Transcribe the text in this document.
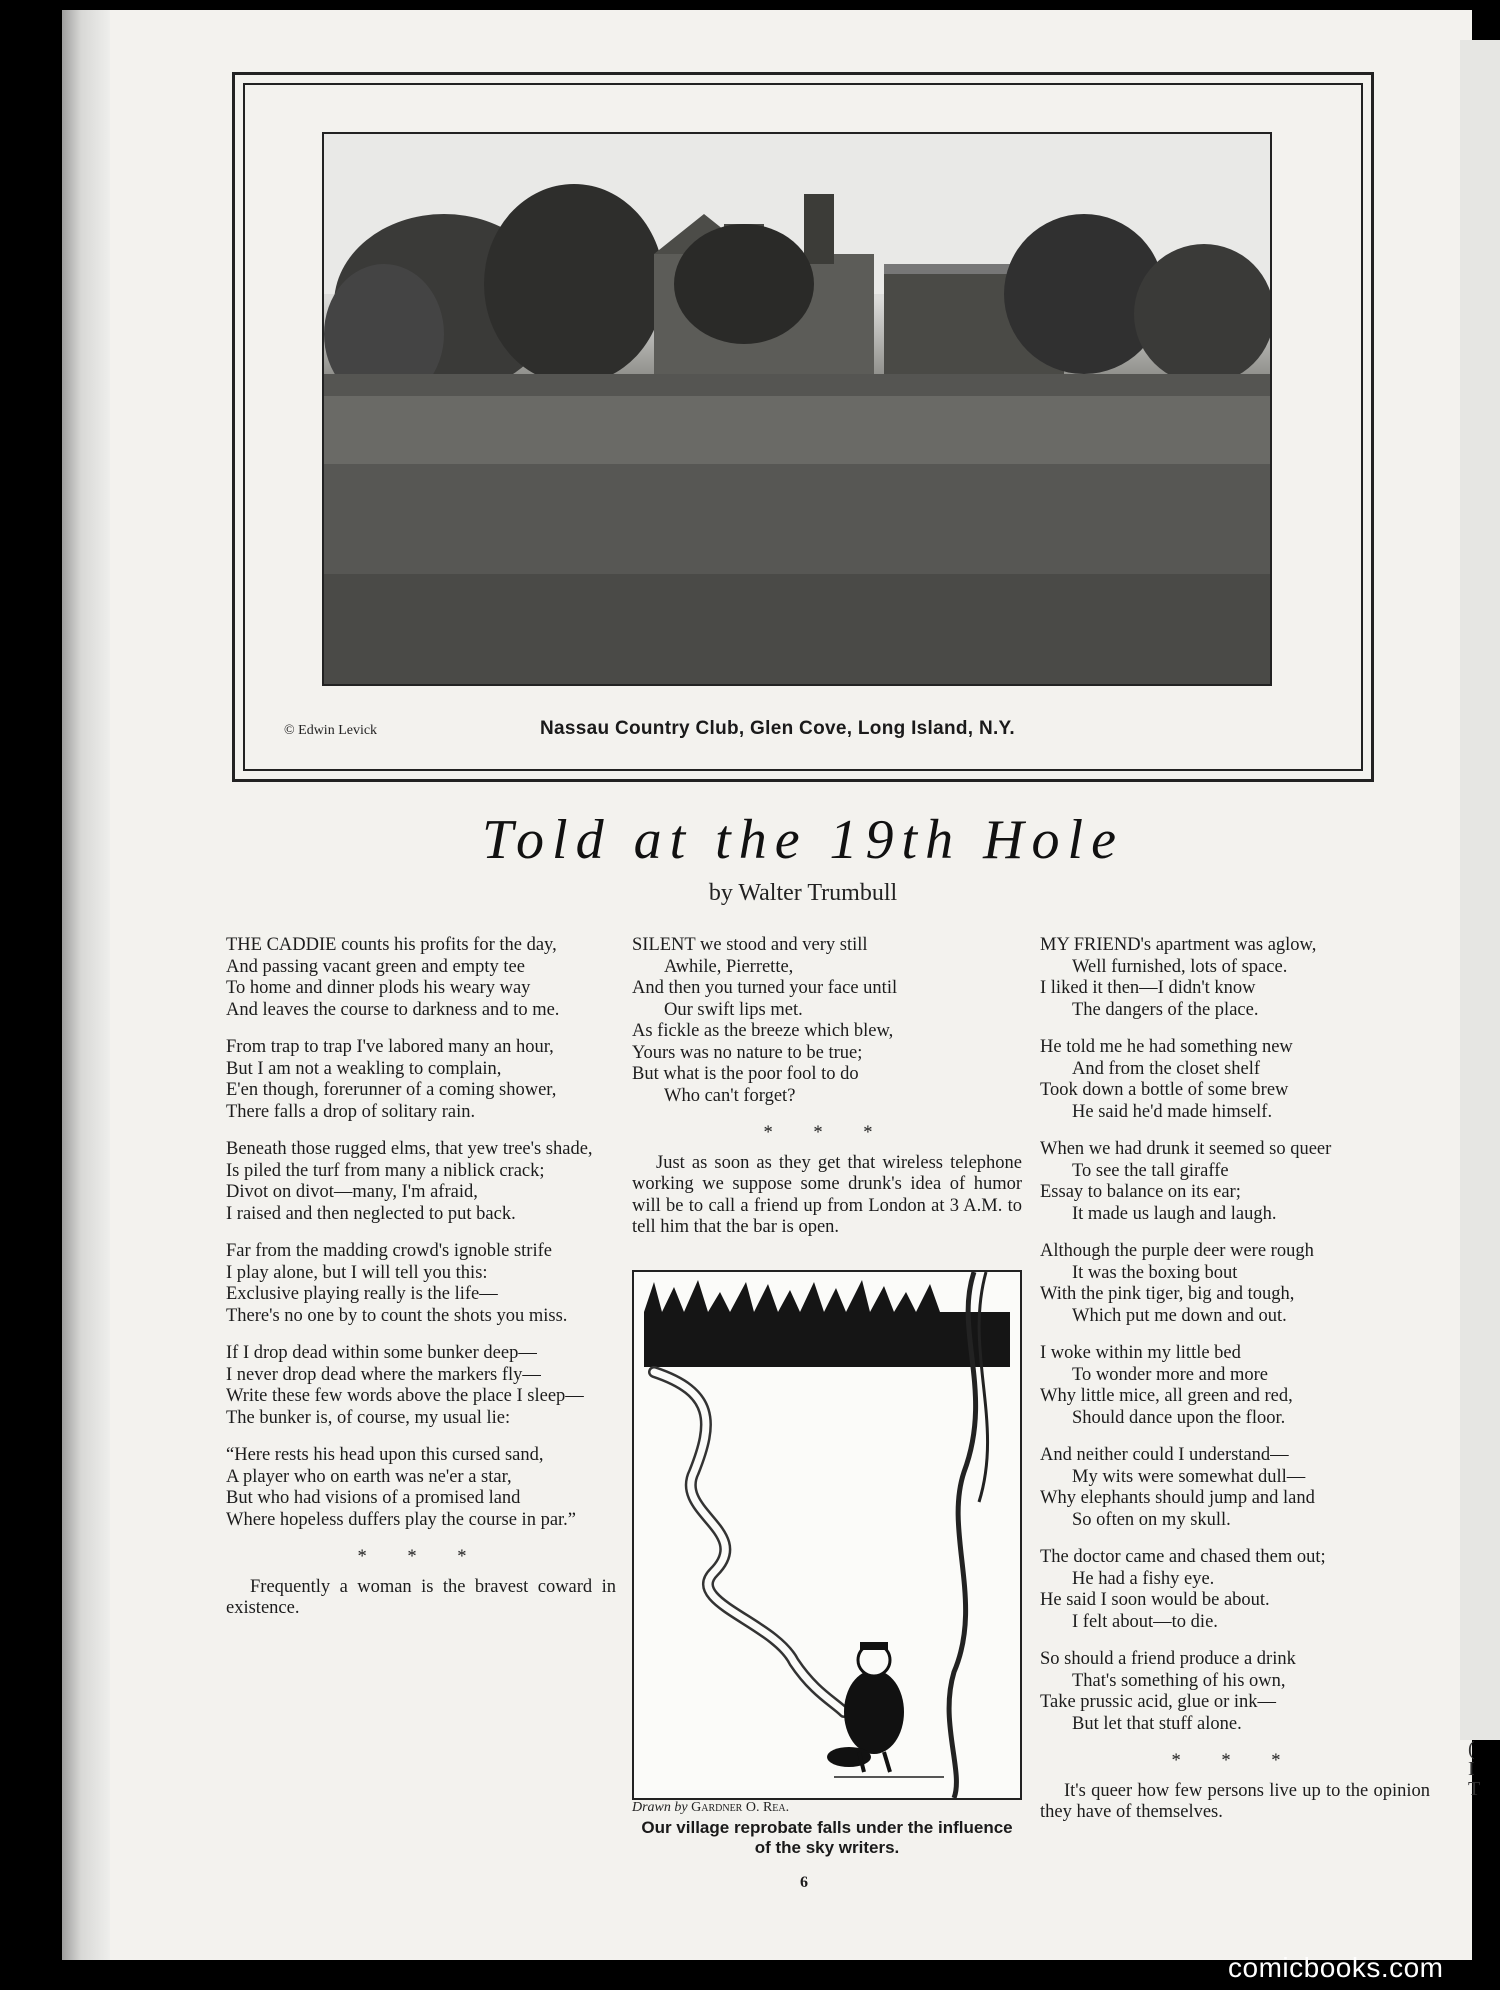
(
I
T
© Edwin Levick	Nassau Country Club, Glen Cove, Long Island, N.Y.
Told at the 19th Hole
by Walter Trumbull
THE CADDIE counts his profits for the day,
And passing vacant green and empty tee
To home and dinner plods his weary way
And leaves the course to darkness and to me.
From trap to trap I've labored many an hour,
But I am not a weakling to complain,
E'en though, forerunner of a coming shower,
There falls a drop of solitary rain.
Beneath those rugged elms, that yew tree's shade,
Is piled the turf from many a niblick crack;
Divot on divot—many, I'm afraid,
I raised and then neglected to put back.
Far from the madding crowd's ignoble strife
I play alone, but I will tell you this:
Exclusive playing really is the life—
There's no one by to count the shots you miss.
If I drop dead within some bunker deep—
I never drop dead where the markers fly—
Write these few words above the place I sleep—
The bunker is, of course, my usual lie:
“Here rests his head upon this cursed sand,
A player who on earth was ne'er a star,
But who had visions of a promised land
Where hopeless duffers play the course in par.”
* * *

Frequently a woman is the bravest coward in existence.

SILENT we stood and very still
Awhile, Pierrette,
And then you turned your face until
Our swift lips met.
As fickle as the breeze which blew,
Yours was no nature to be true;
But what is the poor fool to do
Who can't forget?
* * *

Just as soon as they get that wireless telephone working we suppose some drunk's idea of humor will be to call a friend up from London at 3 A.M. to tell him that the bar is open.

Drawn by Gardner O. Rea.
Our village reprobate falls under the influence of the sky writers.
6
MY FRIEND's apartment was aglow,
Well furnished, lots of space.
I liked it then—I didn't know
The dangers of the place.
He told me he had something new
And from the closet shelf
Took down a bottle of some brew
He said he'd made himself.
When we had drunk it seemed so queer
To see the tall giraffe
Essay to balance on its ear;
It made us laugh and laugh.
Although the purple deer were rough
It was the boxing bout
With the pink tiger, big and tough,
Which put me down and out.
I woke within my little bed
To wonder more and more
Why little mice, all green and red,
Should dance upon the floor.
And neither could I understand—
My wits were somewhat dull—
Why elephants should jump and land
So often on my skull.
The doctor came and chased them out;
He had a fishy eye.
He said I soon would be about.
I felt about—to die.
So should a friend produce a drink
That's something of his own,
Take prussic acid, glue or ink—
But let that stuff alone.
* * *

It's queer how few persons live up to the opinion they have of themselves.

comicbooks.com
